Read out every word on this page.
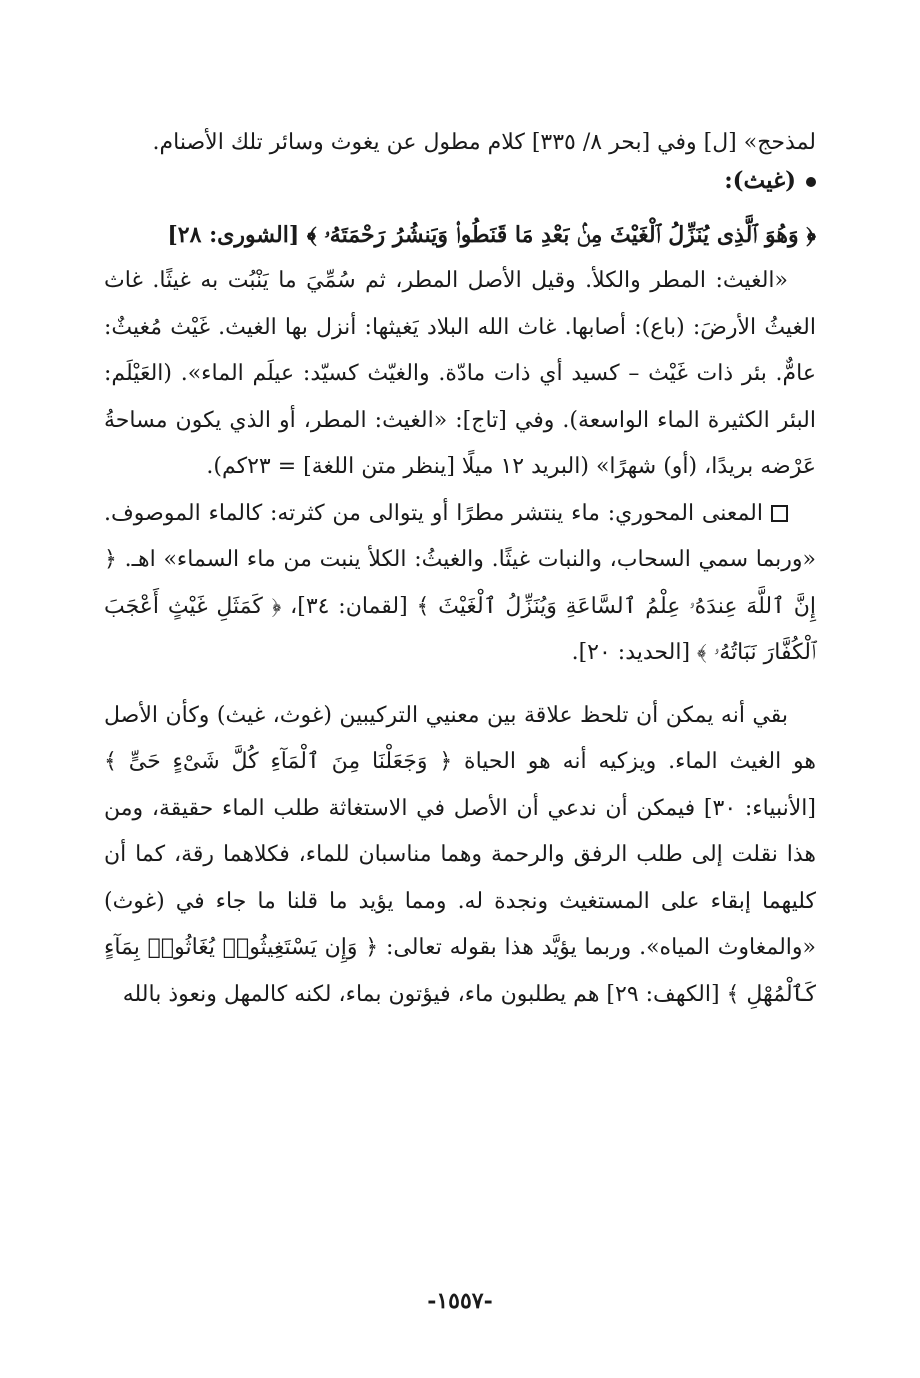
لمذحج» [ل] وفي [بحر ٨/ ٣٣٥] كلام مطول عن يغوث وسائر تلك الأصنام.

(غيث):

﴿ وَهُوَ ٱلَّذِى يُنَزِّلُ ٱلْغَيْثَ مِنۢ بَعْدِ مَا قَنَطُوا۟ وَيَنشُرُ رَحْمَتَهُۥ ﴾ [الشورى: ٢٨]

«الغيث: المطر والكلأ. وقيل الأصل المطر، ثم سُمِّيَ ما يَنْبُت به غيثًا. غاث الغيثُ الأرضَ: (باع): أصابها. غاث الله البلاد يَغيثها: أنزل بها الغيث. غَيْث مُغيثٌ: عامٌّ. بئر ذات غَيْث – كسيد أي ذات مادّة. والغيّث كسيّد: عيلَم الماء». (العَيْلَم: البئر الكثيرة الماء الواسعة). وفي [تاج]: «الغيث: المطر، أو الذي يكون مساحةُ عَرْضه بريدًا، (أو) شهرًا» (البريد ١٢ ميلًا [ينظر متن اللغة] = ٢٣كم).

المعنى المحوري: ماء ينتشر مطرًا أو يتوالى من كثرته: كالماء الموصوف. «وربما سمي السحاب، والنبات غيثًا. والغيثُ: الكلأ ينبت من ماء السماء» اهـ. ﴿ إِنَّ ٱللَّهَ عِندَهُۥ عِلْمُ ٱلسَّاعَةِ وَيُنَزِّلُ ٱلْغَيْثَ ﴾ [لقمان: ٣٤]، ﴿ كَمَثَلِ غَيْثٍ أَعْجَبَ ٱلْكُفَّارَ نَبَاتُهُۥ ﴾ [الحديد: ٢٠].

بقي أنه يمكن أن تلحظ علاقة بين معنيي التركيبين (غوث، غيث) وكأن الأصل هو الغيث الماء. ويزكيه أنه هو الحياة ﴿ وَجَعَلْنَا مِنَ ٱلْمَآءِ كُلَّ شَىْءٍ حَىٍّ ﴾ [الأنبياء: ٣٠] فيمكن أن ندعي أن الأصل في الاستغاثة طلب الماء حقيقة، ومن هذا نقلت إلى طلب الرفق والرحمة وهما مناسبان للماء، فكلاهما رقة، كما أن كليهما إبقاء على المستغيث ونجدة له. ومما يؤيد ما قلنا ما جاء في (غوث) «والمغاوث المياه». وربما يؤيَّد هذا بقوله تعالى: ﴿ وَإِن يَسْتَغِيثُوا۟ يُغَاثُوا۟ بِمَآءٍ كَٱلْمُهْلِ ﴾ [الكهف: ٢٩] هم يطلبون ماء، فيؤتون بماء، لكنه كالمهل ونعوذ بالله

-١٥٥٧-
